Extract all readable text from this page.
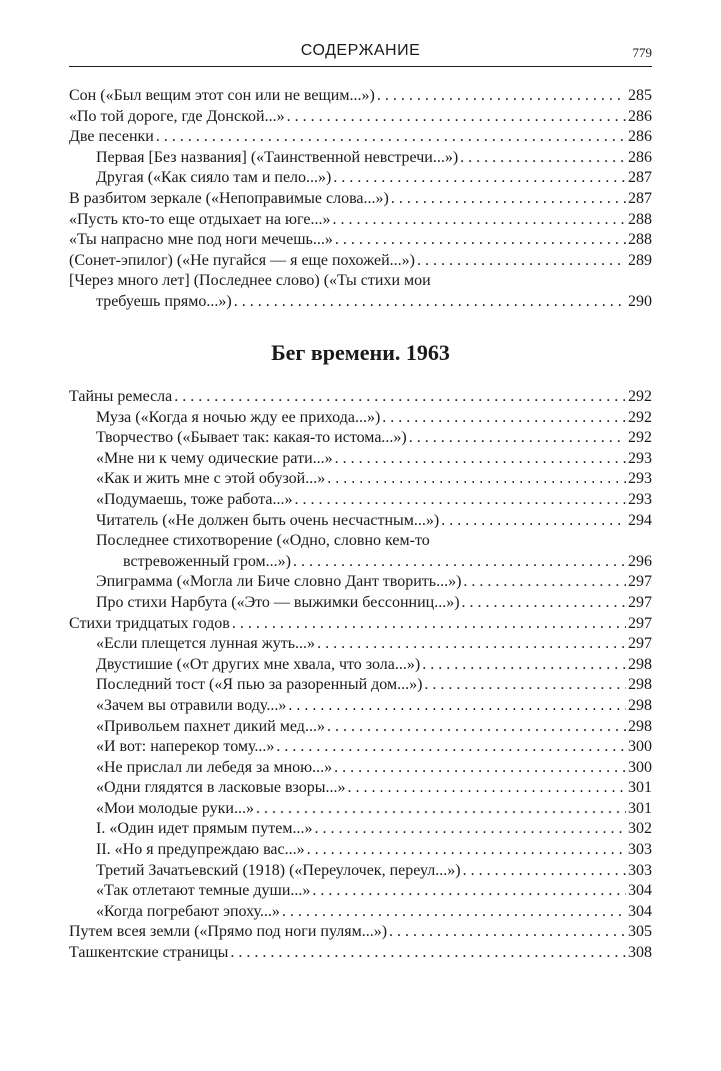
СОДЕРЖАНИЕ	779
Сон («Был вещим этот сон или не вещим...») . . .	285
«По той дороге, где Донской...» . . .	286
Две песенки . . .	286
Первая [Без названия] («Таинственной невстречи...») . . .	286
Другая («Как сияло там и пело...») . . .	287
В разбитом зеркале («Непоправимые слова...») . . .	287
«Пусть кто-то еще отдыхает на юге...» . . .	288
«Ты напрасно мне под ноги мечешь...» . . .	288
(Сонет-эпилог) («Не пугайся — я еще похожей...») . . .	289
[Через много лет] (Последнее слово) («Ты стихи мои
требуешь прямо...») . . .	290
Бег времени. 1963
Тайны ремесла . . .	292
Муза («Когда я ночью жду ее прихода...») . . .	292
Творчество («Бывает так: какая-то истома...») . . .	292
«Мне ни к чему одические рати...» . . .	293
«Как и жить мне с этой обузой...» . . .	293
«Подумаешь, тоже работа...» . . .	293
Читатель («Не должен быть очень несчастным...») . . .	294
Последнее стихотворение («Одно, словно кем-то
встревоженный гром...») . . .	296
Эпиграмма («Могла ли Биче словно Дант творить...») . . .	297
Про стихи Нарбута («Это — выжимки бессонниц...») . . .	297
Стихи тридцатых годов . . .	297
«Если плещется лунная жуть...» . . .	297
Двустишие («От других мне хвала, что зола...») . . .	298
Последний тост («Я пью за разоренный дом...») . . .	298
«Зачем вы отравили воду...» . . .	298
«Привольем пахнет дикий мед...» . . .	298
«И вот: наперекор тому...» . . .	300
«Не прислал ли лебедя за мною...» . . .	300
«Одни глядятся в ласковые взоры...» . . .	301
«Мои молодые руки...» . . .	301
I. «Один идет прямым путем...» . . .	302
II. «Но я предупреждаю вас...» . . .	303
Третий Зачатьевский (1918) («Переулочек, переул...») . . .	303
«Так отлетают темные души...» . . .	304
«Когда погребают эпоху...» . . .	304
Путем всея земли («Прямо под ноги пулям...») . . .	305
Ташкентские страницы . . .	308
